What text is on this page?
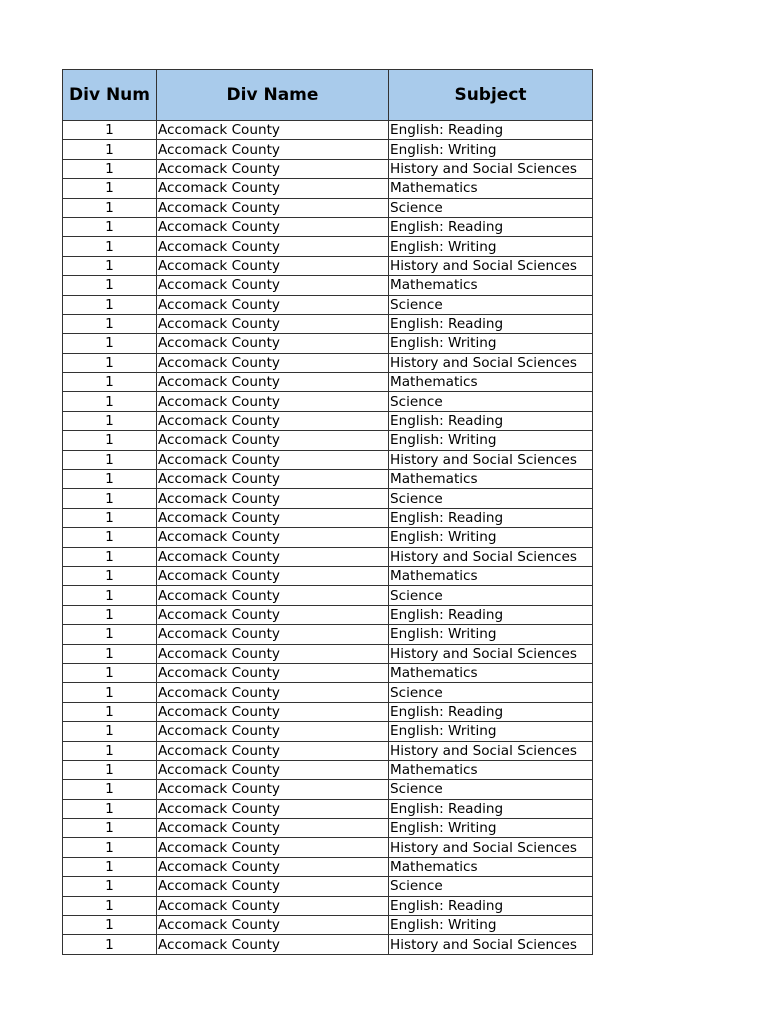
Div Num	Div Name	Subject
1	Accomack County	English: Reading
1	Accomack County	English: Writing
1	Accomack County	History and Social Sciences
1	Accomack County	Mathematics
1	Accomack County	Science
1	Accomack County	English: Reading
1	Accomack County	English: Writing
1	Accomack County	History and Social Sciences
1	Accomack County	Mathematics
1	Accomack County	Science
1	Accomack County	English: Reading
1	Accomack County	English: Writing
1	Accomack County	History and Social Sciences
1	Accomack County	Mathematics
1	Accomack County	Science
1	Accomack County	English: Reading
1	Accomack County	English: Writing
1	Accomack County	History and Social Sciences
1	Accomack County	Mathematics
1	Accomack County	Science
1	Accomack County	English: Reading
1	Accomack County	English: Writing
1	Accomack County	History and Social Sciences
1	Accomack County	Mathematics
1	Accomack County	Science
1	Accomack County	English: Reading
1	Accomack County	English: Writing
1	Accomack County	History and Social Sciences
1	Accomack County	Mathematics
1	Accomack County	Science
1	Accomack County	English: Reading
1	Accomack County	English: Writing
1	Accomack County	History and Social Sciences
1	Accomack County	Mathematics
1	Accomack County	Science
1	Accomack County	English: Reading
1	Accomack County	English: Writing
1	Accomack County	History and Social Sciences
1	Accomack County	Mathematics
1	Accomack County	Science
1	Accomack County	English: Reading
1	Accomack County	English: Writing
1	Accomack County	History and Social Sciences
